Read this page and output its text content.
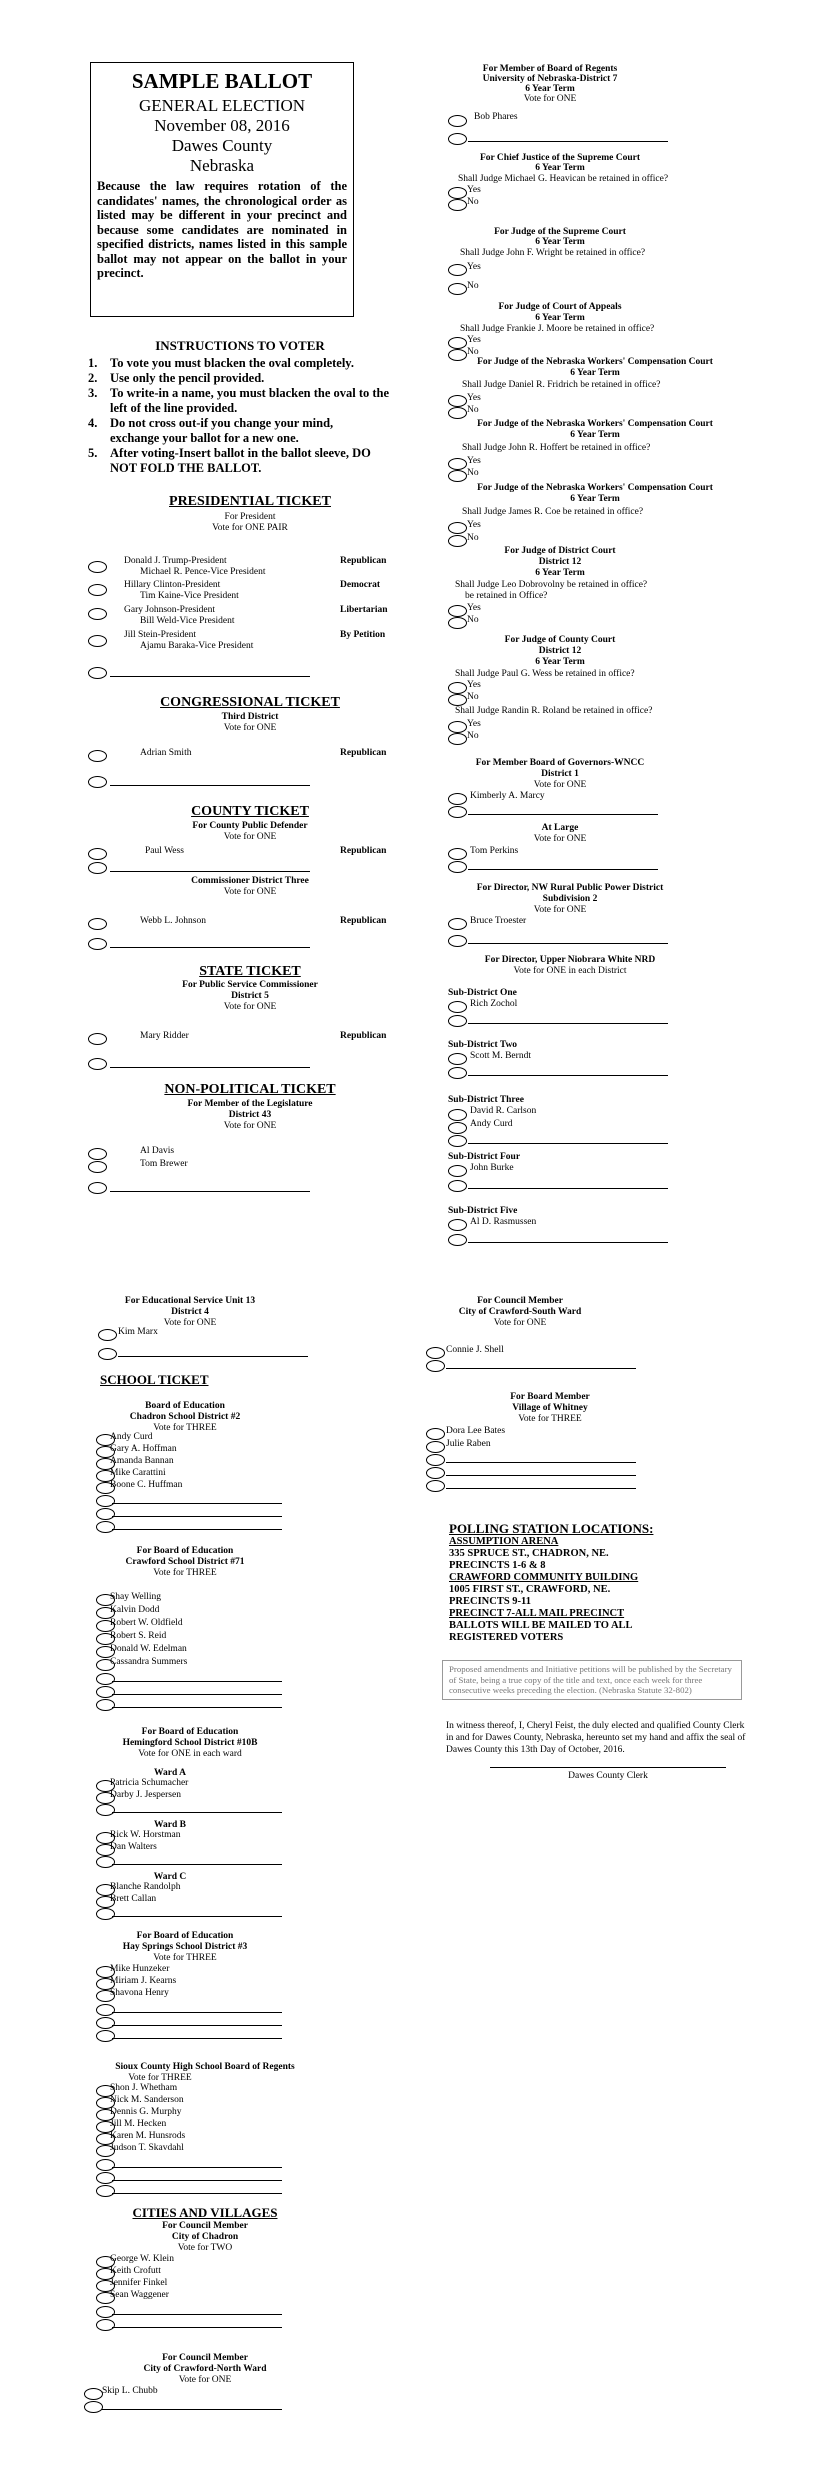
SAMPLE BALLOT
GENERAL ELECTION
November 08, 2016
Dawes County
Nebraska
Because the law requires rotation of the candidates' names, the chronological order as listed may be different in your precinct and because some candidates are nominated in specified districts, names listed in this sample ballot may not appear on the ballot in your precinct.
INSTRUCTIONS TO VOTER
1.	To vote you must blacken the oval completely.
2.	Use only the pencil provided.
3.	To write-in a name, you must blacken the oval to the left of the line provided.
4.	Do not cross out-if you change your mind, exchange your ballot for a new one.
5.	After voting-Insert ballot in the ballot sleeve, DO NOT FOLD THE BALLOT.
PRESIDENTIAL TICKET
For President
Vote for ONE PAIR
Donald J. Trump-President
Michael R. Pence-Vice President
Republican
Hillary Clinton-President
Tim Kaine-Vice President
Democrat
Gary Johnson-President
Bill Weld-Vice President
Libertarian
Jill Stein-President
Ajamu Baraka-Vice President
By Petition
CONGRESSIONAL TICKET
Third District
Vote for ONE
Adrian Smith	Republican
COUNTY TICKET
For County Public Defender
Vote for ONE
Paul Wess	Republican
Commissioner District Three
Vote for ONE
Webb L. Johnson	Republican
STATE TICKET
For Public Service Commissioner
District 5
Vote for ONE
Mary Ridder	Republican
NON-POLITICAL TICKET
For Member of the Legislature
District 43
Vote for ONE
Al Davis
Tom Brewer
For Member of Board of Regents
University of Nebraska-District 7
6 Year Term
Vote for ONE
Bob Phares
For Chief Justice of the Supreme Court
6 Year Term
Shall Judge Michael G. Heavican be retained in office?
Yes
No
For Judge of the Supreme Court
6 Year Term
Shall Judge John F. Wright be retained in office?
Yes
No
For Judge of Court of Appeals
6 Year Term
Shall Judge Frankie J. Moore be retained in office?
Yes
No
For Judge of the Nebraska Workers' Compensation Court
6 Year Term
Shall Judge Daniel R. Fridrich be retained in office?
Yes
No
For Judge of the Nebraska Workers' Compensation Court
6 Year Term
Shall Judge John R. Hoffert be retained in office?
Yes
No
For Judge of the Nebraska Workers' Compensation Court
6 Year Term
Shall Judge James R. Coe be retained in office?
Yes
No
For Judge of District Court
District 12
6 Year Term
Shall Judge Leo Dobrovolny be retained in office?
be retained in Office?
Yes
No
For Judge of County Court
District 12
6 Year Term
Shall Judge Paul G. Wess be retained in office?
Yes
No
Shall Judge Randin R. Roland be retained in office?
Yes
No
For Member Board of Governors-WNCC
District 1
Vote for ONE
Kimberly A. Marcy
At Large
Vote for ONE
Tom Perkins
For Director, NW Rural Public Power District
Subdivision 2
Vote for ONE
Bruce Troester
For Director, Upper Niobrara White NRD
Vote for ONE in each District
Sub-District One
Rich Zochol
Sub-District Two
Scott M. Berndt
Sub-District Three
David R. Carlson
Andy Curd
Sub-District Four
John Burke
Sub-District Five
Al D. Rasmussen
For Educational Service Unit 13
District 4
Vote for ONE
Kim Marx
SCHOOL TICKET
Board of Education
Chadron School District #2
Vote for THREE
Andy Curd
Gary A. Hoffman
Amanda Bannan
Mike Carattini
Boone C. Huffman
For Board of Education
Crawford School District #71
Vote for THREE
Shay Welling
Kalvin Dodd
Robert W. Oldfield
Robert S. Reid
Donald W. Edelman
Cassandra Summers
For Board of Education
Hemingford School District #10B
Vote for ONE in each ward
Ward A
Patricia Schumacher
Darby J. Jespersen
Ward B
Rick W. Horstman
Dan Walters
Ward C
Blanche Randolph
Brett Callan
For Board of Education
Hay Springs School District #3
Vote for THREE
Mike Hunzeker
Miriam J. Kearns
Shavona Henry
Sioux County High School Board of Regents
Vote for THREE
Shon J. Whetham
Nick M. Sanderson
Dennis G. Murphy
Jill M. Hecken
Karen M. Hunsrods
Judson T. Skavdahl
CITIES AND VILLAGES
For Council Member
City of Chadron
Vote for TWO
George W. Klein
Keith Crofutt
Jennifer Finkel
Sean Waggener
For Council Member
City of Crawford-North Ward
Vote for ONE
Skip L. Chubb
For Council Member
City of Crawford-South Ward
Vote for ONE
Connie J. Shell
For Board Member
Village of Whitney
Vote for THREE
Dora Lee Bates
Julie Raben
POLLING STATION LOCATIONS:
ASSUMPTION ARENA
335 SPRUCE ST., CHADRON, NE.
PRECINCTS 1-6 & 8
CRAWFORD COMMUNITY BUILDING
1005 FIRST ST., CRAWFORD, NE.
PRECINCTS 9-11
PRECINCT 7-ALL MAIL PRECINCT
BALLOTS WILL BE MAILED TO ALL REGISTERED VOTERS
Proposed amendments and Initiative petitions will be published by the Secretary of State, being a true copy of the title and text, once each week for three consecutive weeks preceding the election. (Nebraska Statute 32-802)
In witness thereof, I, Cheryl Feist, the duly elected and qualified County Clerk in and for Dawes County, Nebraska, hereunto set my hand and affix the seal of Dawes County this 13th Day of October, 2016.
Dawes County Clerk
